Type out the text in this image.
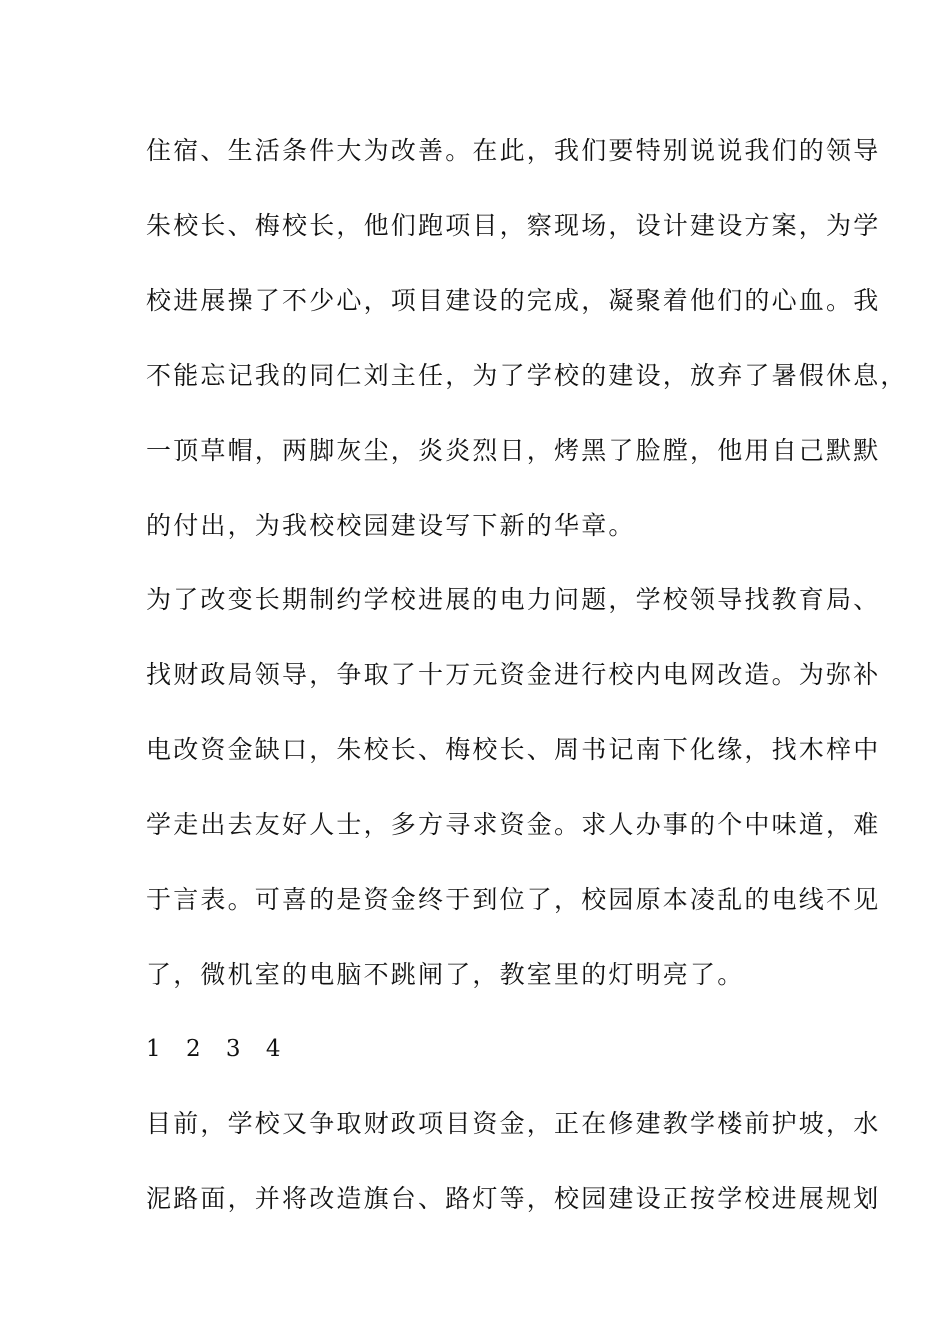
住宿、生活条件大为改善。在此，我们要特别说说我们的领导
朱校长、梅校长，他们跑项目，察现场，设计建设方案，为学
校进展操了不少心，项目建设的完成，凝聚着他们的心血。我
不能忘记我的同仁刘主任，为了学校的建设，放弃了暑假休息，
一顶草帽，两脚灰尘，炎炎烈日，烤黑了脸膛，他用自己默默
的付出，为我校校园建设写下新的华章。
为了改变长期制约学校进展的电力问题，学校领导找教育局、
找财政局领导，争取了十万元资金进行校内电网改造。为弥补
电改资金缺口，朱校长、梅校长、周书记南下化缘，找木梓中
学走出去友好人士，多方寻求资金。求人办事的个中味道，难
于言表。可喜的是资金终于到位了，校园原本凌乱的电线不见
了，微机室的电脑不跳闸了，教室里的灯明亮了。
1 2 3 4
目前，学校又争取财政项目资金，正在修建教学楼前护坡，水
泥路面，并将改造旗台、路灯等，校园建设正按学校进展规划
